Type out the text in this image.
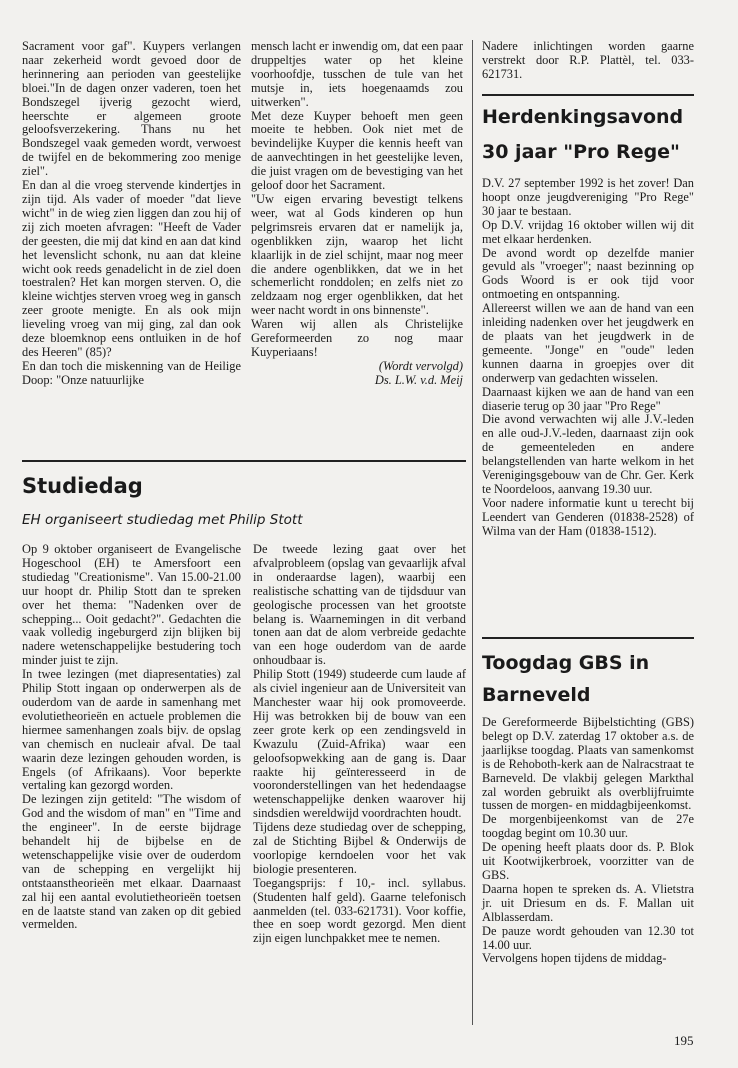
Sacrament voor gaf". Kuypers verlangen naar zekerheid wordt gevoed door de herinnering aan perioden van geestelijke bloei."In de dagen onzer vaderen, toen het Bondszegel ijverig gezocht wierd, heerschte er algemeen groote geloofsverzekering. Thans nu het Bondszegel vaak gemeden wordt, verwoest de twijfel en de bekommering zoo menige ziel".

En dan al die vroeg stervende kindertjes in zijn tijd. Als vader of moeder "dat lieve wicht" in de wieg zien liggen dan zou hij of zij zich moeten afvragen: "Heeft de Vader der geesten, die mij dat kind en aan dat kind het levenslicht schonk, nu aan dat kleine wicht ook reeds genadelicht in de ziel doen toestralen? Het kan morgen sterven. O, die kleine wichtjes sterven vroeg weg in gansch zeer groote menigte. En als ook mijn lieveling vroeg van mij ging, zal dan ook deze bloemknop eens ontluiken in de hof des Heeren" (85)?

En dan toch die miskenning van de Heilige Doop: "Onze natuurlijke

mensch lacht er inwendig om, dat een paar druppeltjes water op het kleine voorhoofdje, tusschen de tule van het mutsje in, iets hoegenaamds zou uitwerken".

Met deze Kuyper behoeft men geen moeite te hebben. Ook niet met de bevindelijke Kuyper die kennis heeft van de aanvechtingen in het geestelijke leven, die juist vragen om de bevestiging van het geloof door het Sacrament.

"Uw eigen ervaring bevestigt telkens weer, wat al Gods kinderen op hun pelgrimsreis ervaren dat er namelijk ja, ogenblikken zijn, waarop het licht klaarlijk in de ziel schijnt, maar nog meer die andere ogenblikken, dat we in het schemerlicht ronddolen; en zelfs niet zo zeldzaam nog erger ogenblikken, dat het weer nacht wordt in ons binnenste".

Waren wij allen als Christelijke Gereformeerden zo nog maar Kuyperiaans!

(Wordt vervolgd)

Ds. L.W. v.d. Meij

Studiedag
EH organiseert studiedag met Philip Stott

Op 9 oktober organiseert de Evangelische Hogeschool (EH) te Amersfoort een studiedag "Creationisme". Van 15.00-21.00 uur hoopt dr. Philip Stott dan te spreken over het thema: "Nadenken over de schepping... Ooit gedacht?". Gedachten die vaak volledig ingeburgerd zijn blijken bij nadere wetenschappelijke bestudering toch minder juist te zijn.

In twee lezingen (met diapresentaties) zal Philip Stott ingaan op onderwerpen als de ouderdom van de aarde in samenhang met evolutietheorieën en actuele problemen die hiermee samenhangen zoals bijv. de opslag van chemisch en nucleair afval. De taal waarin deze lezingen gehouden worden, is Engels (of Afrikaans). Voor beperkte vertaling kan gezorgd worden.

De lezingen zijn getiteld: "The wisdom of God and the wisdom of man" en "Time and the engineer". In de eerste bijdrage behandelt hij de bijbelse en de wetenschappelijke visie over de ouderdom van de schepping en vergelijkt hij ontstaanstheorieën met elkaar. Daarnaast zal hij een aantal evolutietheorieën toetsen en de laatste stand van zaken op dit gebied vermelden.

De tweede lezing gaat over het afvalprobleem (opslag van gevaarlijk afval in onderaardse lagen), waarbij een realistische schatting van de tijdsduur van geologische processen van het grootste belang is. Waarnemingen in dit verband tonen aan dat de alom verbreide gedachte van een hoge ouderdom van de aarde onhoudbaar is.

Philip Stott (1949) studeerde cum laude af als civiel ingenieur aan de Universiteit van Manchester waar hij ook promoveerde. Hij was betrokken bij de bouw van een zeer grote kerk op een zendingsveld in Kwazulu (Zuid-Afrika) waar een geloofsopwekking aan de gang is. Daar raakte hij geïnteresseerd in de vooronderstellingen van het hedendaagse wetenschappelijke denken waarover hij sindsdien wereldwijd voordrachten houdt.

Tijdens deze studiedag over de schepping, zal de Stichting Bijbel & Onderwijs de voorlopige kerndoelen voor het vak biologie presenteren.

Toegangsprijs: f 10,- incl. syllabus. (Studenten half geld). Gaarne telefonisch aanmelden (tel. 033-621731). Voor koffie, thee en soep wordt gezorgd. Men dient zijn eigen lunchpakket mee te nemen.

Nadere inlichtingen worden gaarne verstrekt door R.P. Plattèl, tel. 033-621731.

Herdenkingsavond
30 jaar "Pro Rege"

D.V. 27 september 1992 is het zover! Dan hoopt onze jeugdvereniging "Pro Rege" 30 jaar te bestaan.

Op D.V. vrijdag 16 oktober willen wij dit met elkaar herdenken.

De avond wordt op dezelfde manier gevuld als "vroeger"; naast bezinning op Gods Woord is er ook tijd voor ontmoeting en ontspanning.

Allereerst willen we aan de hand van een inleiding nadenken over het jeugdwerk en de plaats van het jeugdwerk in de gemeente. "Jonge" en "oude" leden kunnen daarna in groepjes over dit onderwerp van gedachten wisselen.

Daarnaast kijken we aan de hand van een diaserie terug op 30 jaar "Pro Rege"

Die avond verwachten wij alle J.V.-leden en alle oud-J.V.-leden, daarnaast zijn ook de gemeenteleden en andere belangstellenden van harte welkom in het Verenigingsgebouw van de Chr. Ger. Kerk te Noordeloos, aanvang 19.30 uur.

Voor nadere informatie kunt u terecht bij Leendert van Genderen (01838-2528) of Wilma van der Ham (01838-1512).

Toogdag GBS in
Barneveld

De Gereformeerde Bijbelstichting (GBS) belegt op D.V. zaterdag 17 oktober a.s. de jaarlijkse toogdag. Plaats van samenkomst is de Rehoboth-kerk aan de Nalracstraat te Barneveld. De vlakbij gelegen Markthal zal worden gebruikt als overblijfruimte tussen de morgen- en middagbijeenkomst.

De morgenbijeenkomst van de 27e toogdag begint om 10.30 uur.

De opening heeft plaats door ds. P. Blok uit Kootwijkerbroek, voorzitter van de GBS.

Daarna hopen te spreken ds. A. Vlietstra jr. uit Driesum en ds. F. Mallan uit Alblasserdam.

De pauze wordt gehouden van 12.30 tot 14.00 uur.

Vervolgens hopen tijdens de middag-

195
